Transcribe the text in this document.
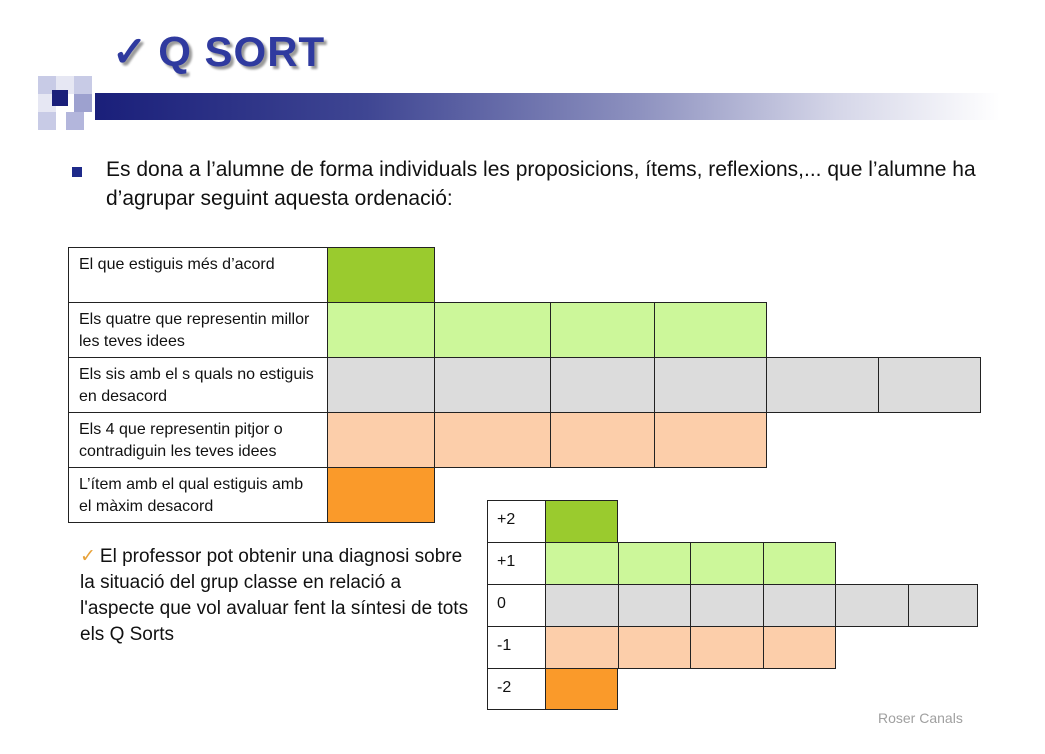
✓ Q SORT
Es dona a l’alumne de forma individuals les proposicions, ítems, reflexions,... que l’alumne ha d’agrupar seguint aquesta ordenació:
El que estiguis més d’acord
Els quatre que representin millor les teves idees
Els sis amb el s quals no estiguis en desacord
Els 4 que representin pitjor o contradiguin les teves idees
L’ítem amb el qual estiguis amb el màxim desacord
✓ El professor pot obtenir una diagnosi sobre la situació del grup classe en relació a l'aspecte que vol avaluar fent la síntesi de tots els Q Sorts
+2
+1
0
-1
-2
Roser Canals
